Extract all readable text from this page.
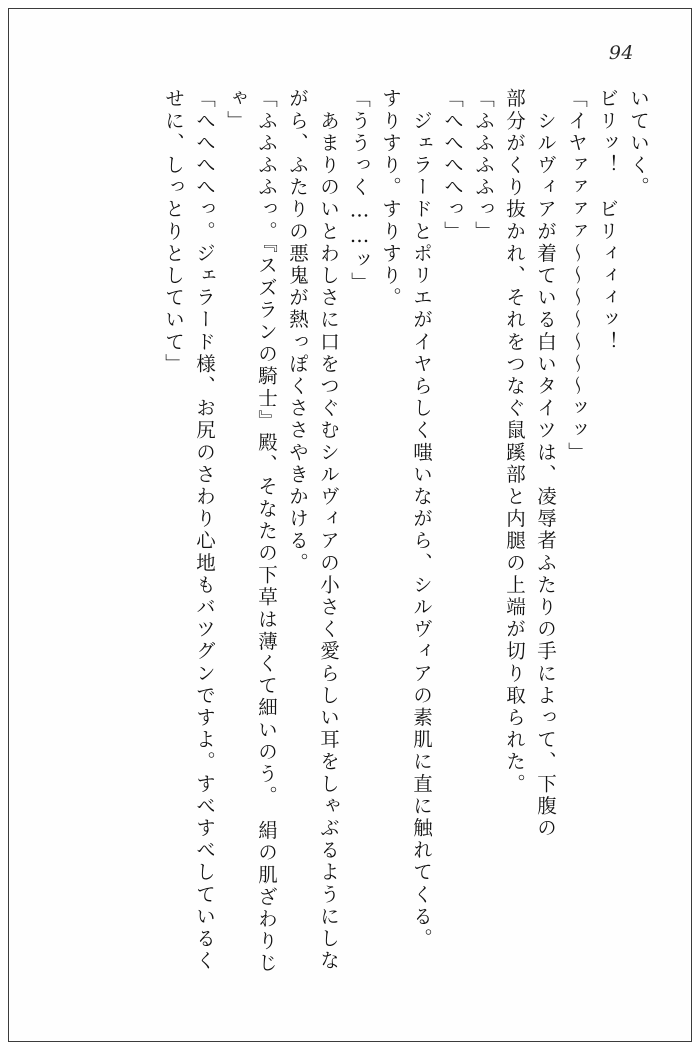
94
いていく。
ビリッ！　ビリィィィッ！
「イヤァァァァ～～～～～～～ッッ」
　シルヴィアが着ている白いタイツは、凌辱者ふたりの手によって、下腹の
部分がくり抜かれ、それをつなぐ鼠蹊部と内腿の上端が切り取られた。
「ふふふふっ」
「へへへへっ」
　ジェラードとポリエがイヤらしく嗤いながら、シルヴィアの素肌に直に触れてくる。
すりすり。すりすり。
「ううっく……ッ」
　あまりのいとわしさに口をつぐむシルヴィアの小さく愛らしい耳をしゃぶるようにしな
がら、ふたりの悪鬼が熱っぽくささやきかける。
「ふふふふっ。『スズランの騎士』殿、そなたの下草は薄くて細いのう。　絹の肌ざわりじ
ゃ」
「へへへへっ。ジェラード様、お尻のさわり心地もバツグンですよ。すべすべしているく
せに、しっとりとしていて」
